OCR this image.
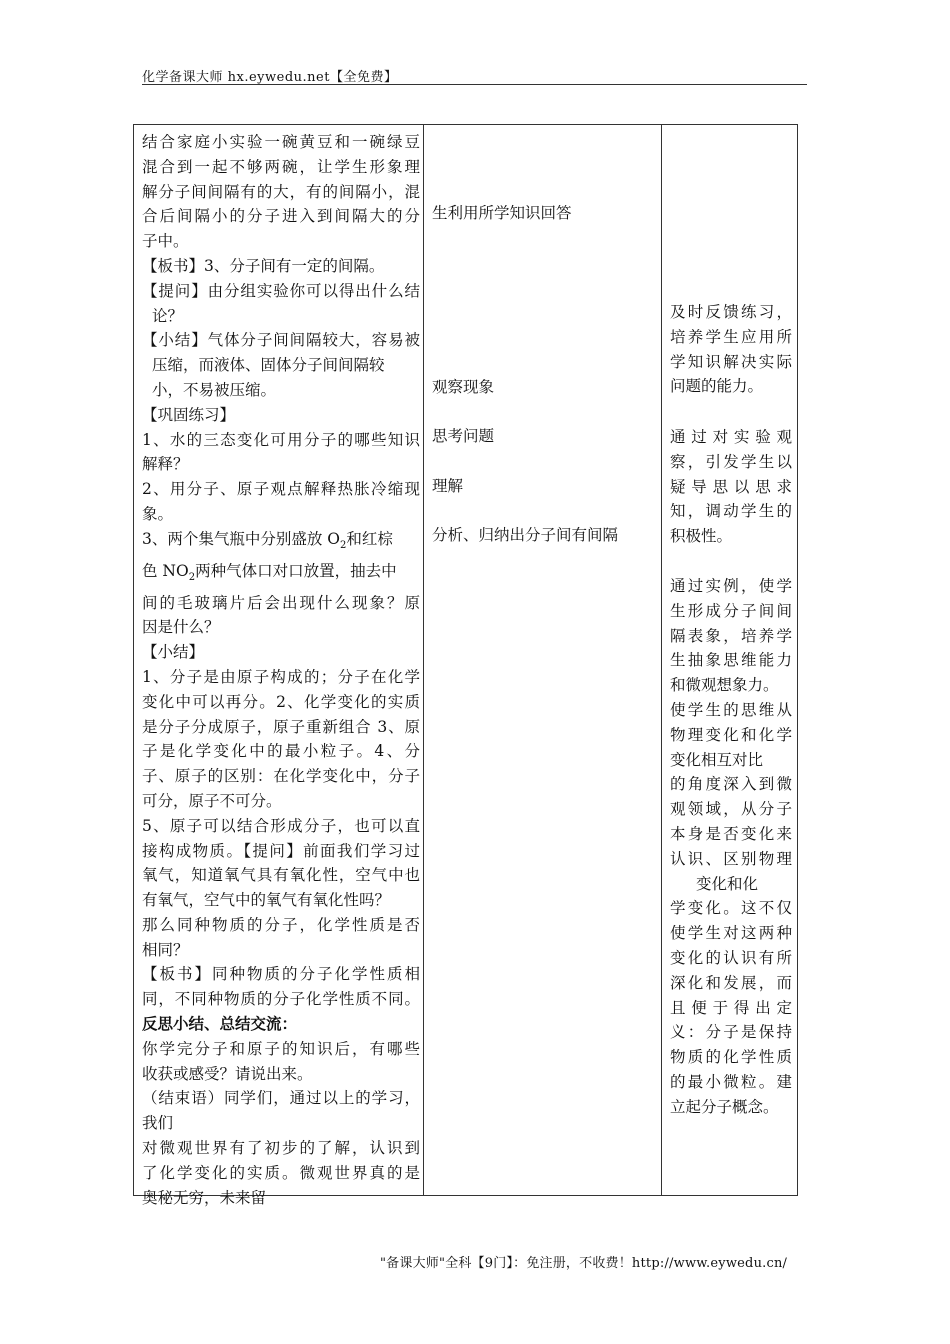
化学备课大师 hx.eywedu.net【全免费】
结合家庭小实验一碗黄豆和一碗绿豆
混合到一起不够两碗，让学生形象理
解分子间间隔有的大，有的间隔小，混
合后间隔小的分子进入到间隔大的分
子中。
【板书】3、分子间有一定的间隔。
【提问】由分组实验你可以得出什么结
论？
【小结】气体分子间间隔较大，容易被
压缩，而液体、固体分子间间隔较
小，不易被压缩。
【巩固练习】
1、水的三态变化可用分子的哪些知识
解释？
2、用分子、原子观点解释热胀冷缩现
象。
3、两个集气瓶中分别盛放 $O_2$和红棕
色 $NO_2$两种气体口对口放置，抽去中
间的毛玻璃片后会出现什么现象？原
因是什么？
【小结】
1、分子是由原子构成的；分子在化学
变化中可以再分。2、化学变化的实质
是分子分成原子，原子重新组合 3、原
子是化学变化中的最小粒子。4、分
子、原子的区别：在化学变化中，分子
可分，原子不可分。
5、原子可以结合形成分子，也可以直
接构成物质。【提问】前面我们学习过
氧气，知道氧气具有氧化性，空气中也
有氧气，空气中的氧气有氧化性吗？
那么同种物质的分子，化学性质是否
相同？
【板书】同种物质的分子化学性质相
同，不同种物质的分子化学性质不同。
反思小结、总结交流：
你学完分子和原子的知识后，有哪些
收获或感受？请说出来。
（结束语）同学们，通过以上的学习，
我们
对微观世界有了初步的了解，认识到
了化学变化的实质。微观世界真的是
奥秘无穷，未来留
生利用所学知识回答
观察现象
思考问题
理解
分析、归纳出分子间有间隔
及时反馈练习，
培养学生应用所
学知识解决实际
问题的能力。
通过对实验观
察，引发学生以
疑导思以思求
知，调动学生的
积极性。
通过实例，使学
生形成分子间间
隔表象，培养学
生抽象思维能力
和微观想象力。
使学生的思维从
物理变化和化学
变化相互对比
的角度深入到微
观领域，从分子
本身是否变化来
认识、区别物理
变化和化
学变化。这不仅
使学生对这两种
变化的认识有所
深化和发展，而
且便于得出定
义：分子是保持
物质的化学性质
的最小微粒。建
立起分子概念。
"备课大师"全科【9门】：免注册，不收费！http://www.eywedu.cn/
